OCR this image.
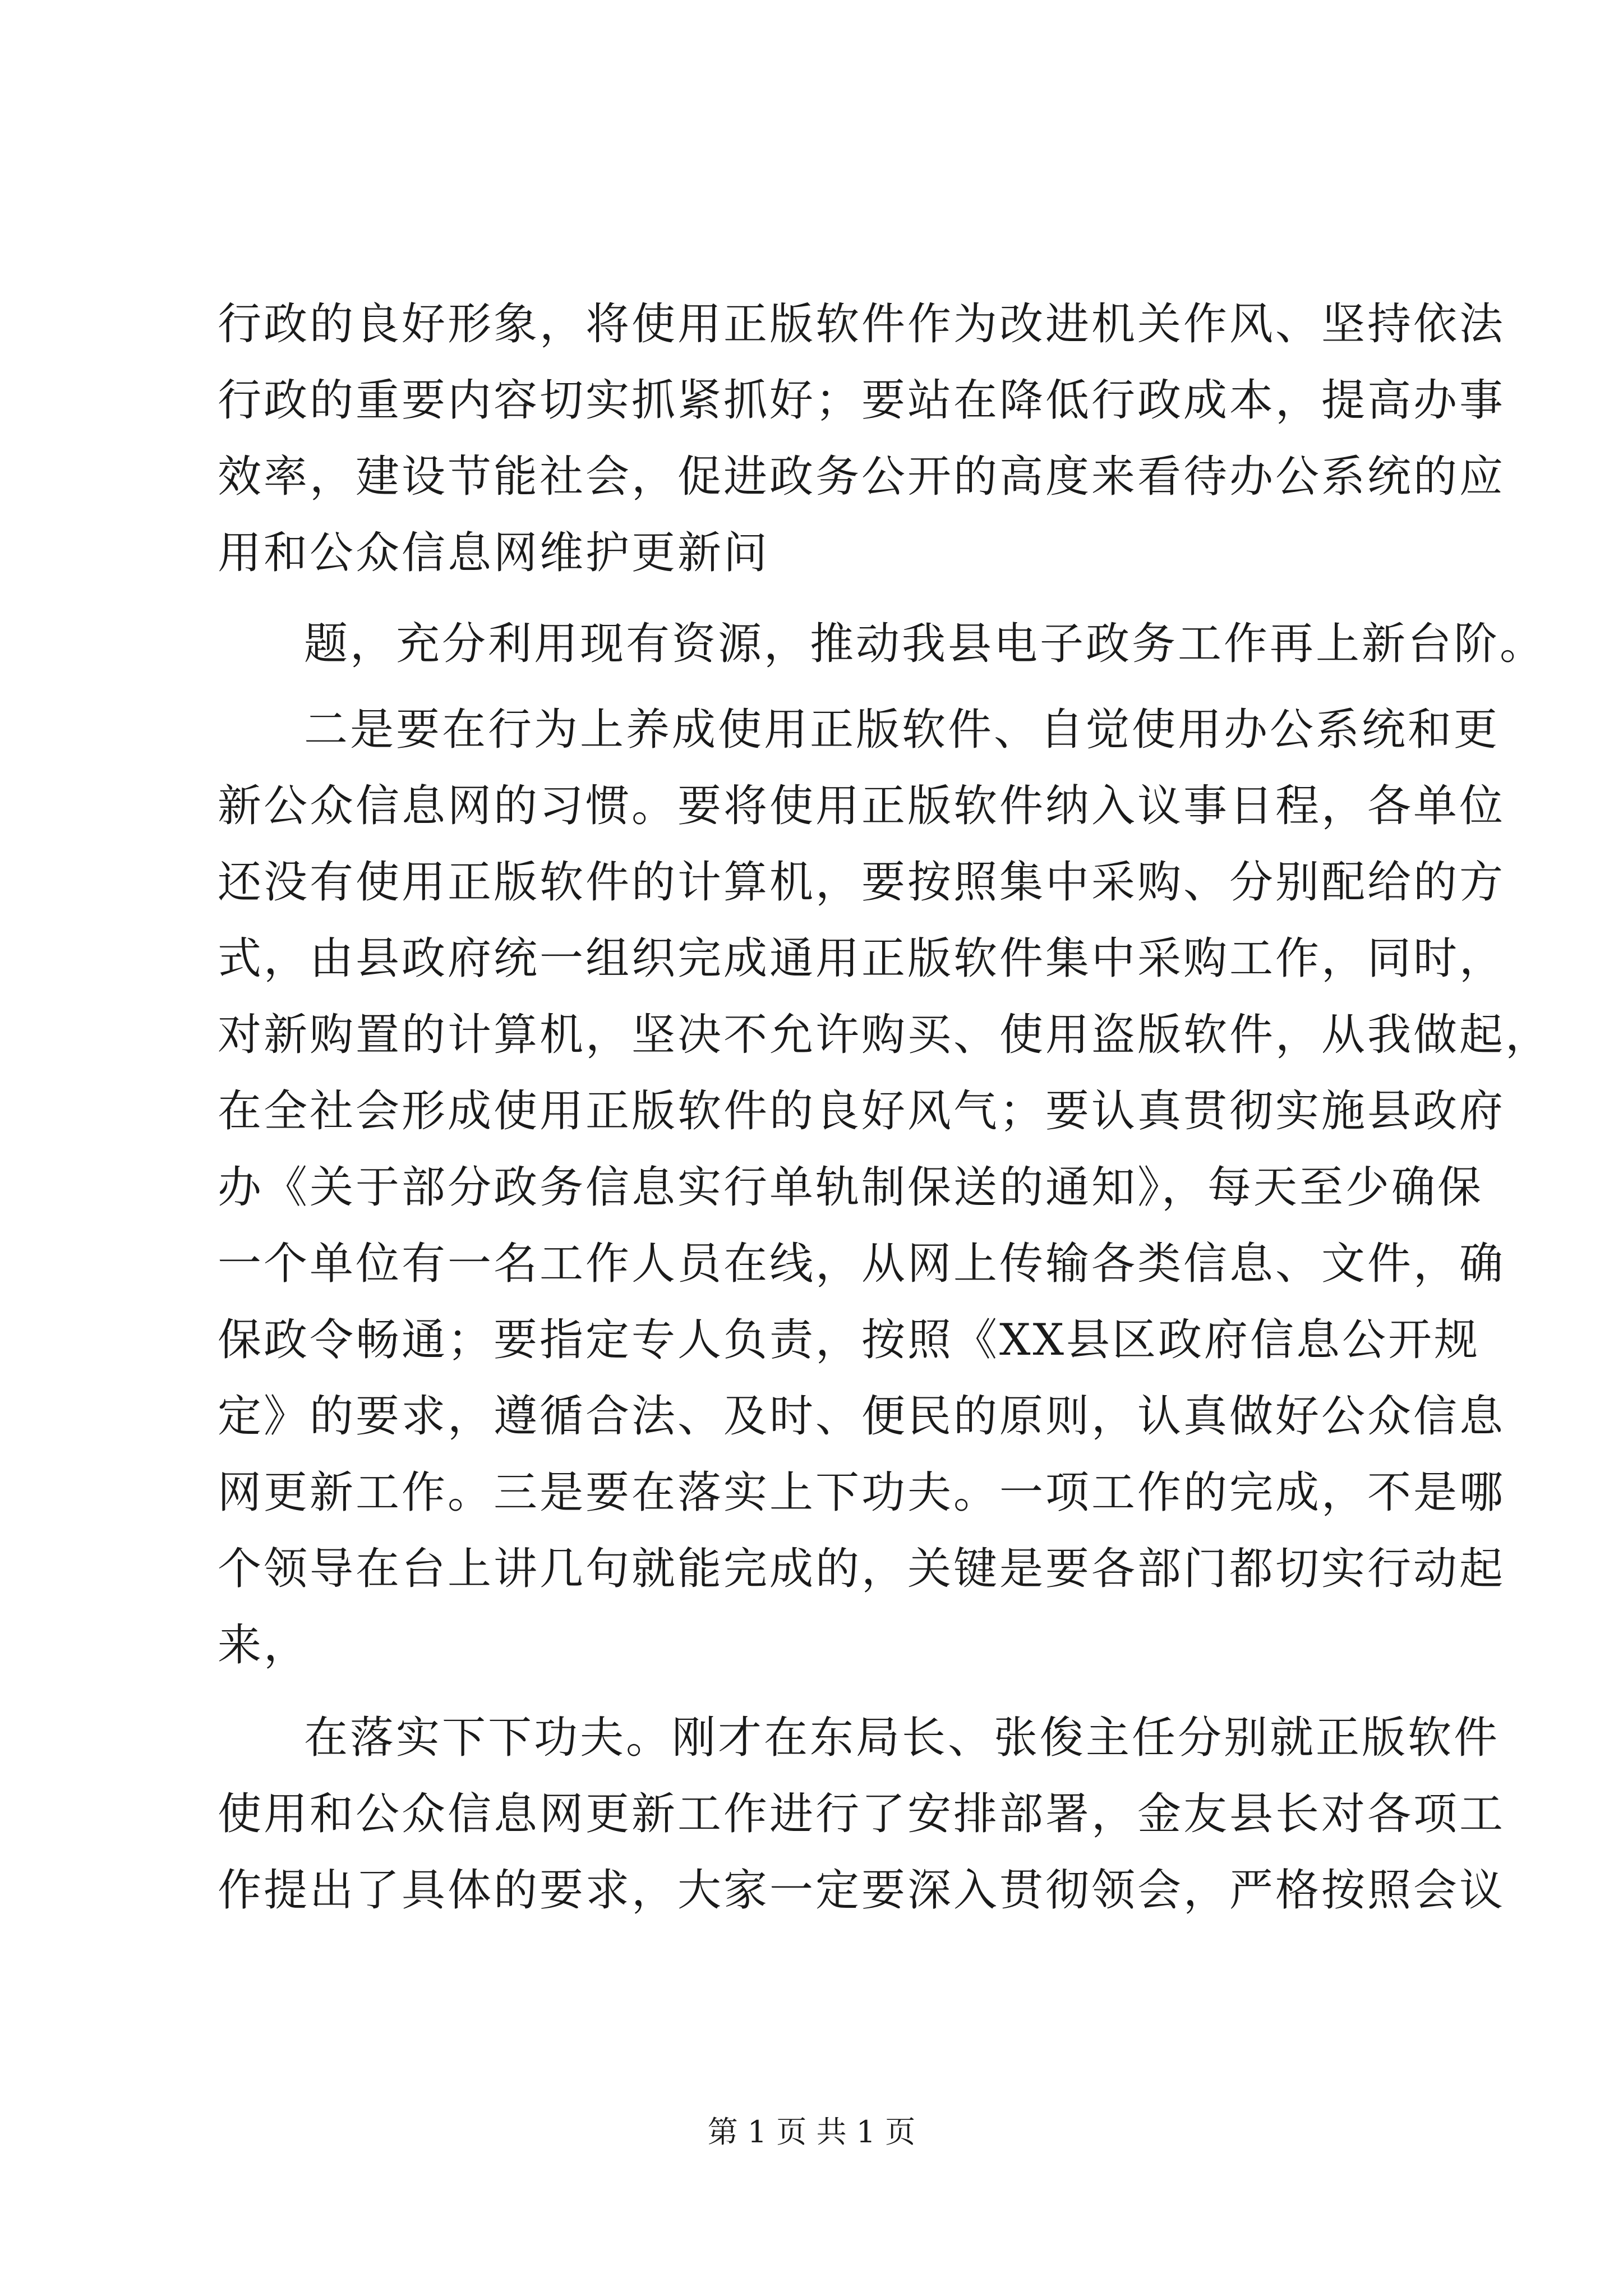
行政的良好形象，将使用正版软件作为改进机关作风、坚持依法
行政的重要内容切实抓紧抓好；要站在降低行政成本，提高办事
效率，建设节能社会，促进政务公开的高度来看待办公系统的应
用和公众信息网维护更新问
题，充分利用现有资源，推动我县电子政务工作再上新台阶。
二是要在行为上养成使用正版软件、自觉使用办公系统和更
新公众信息网的习惯。要将使用正版软件纳入议事日程，各单位
还没有使用正版软件的计算机，要按照集中采购、分别配给的方
式，由县政府统一组织完成通用正版软件集中采购工作，同时，
对新购置的计算机，坚决不允许购买、使用盗版软件，从我做起，
在全社会形成使用正版软件的良好风气；要认真贯彻实施县政府
办《关于部分政务信息实行单轨制保送的通知》，每天至少确保
一个单位有一名工作人员在线，从网上传输各类信息、文件，确
保政令畅通；要指定专人负责，按照《XX县区政府信息公开规
定》的要求，遵循合法、及时、便民的原则，认真做好公众信息
网更新工作。三是要在落实上下功夫。一项工作的完成，不是哪
个领导在台上讲几句就能完成的，关键是要各部门都切实行动起
来，
在落实下下功夫。刚才在东局长、张俊主任分别就正版软件
使用和公众信息网更新工作进行了安排部署，金友县长对各项工
作提出了具体的要求，大家一定要深入贯彻领会，严格按照会议
第 1 页 共 1 页
